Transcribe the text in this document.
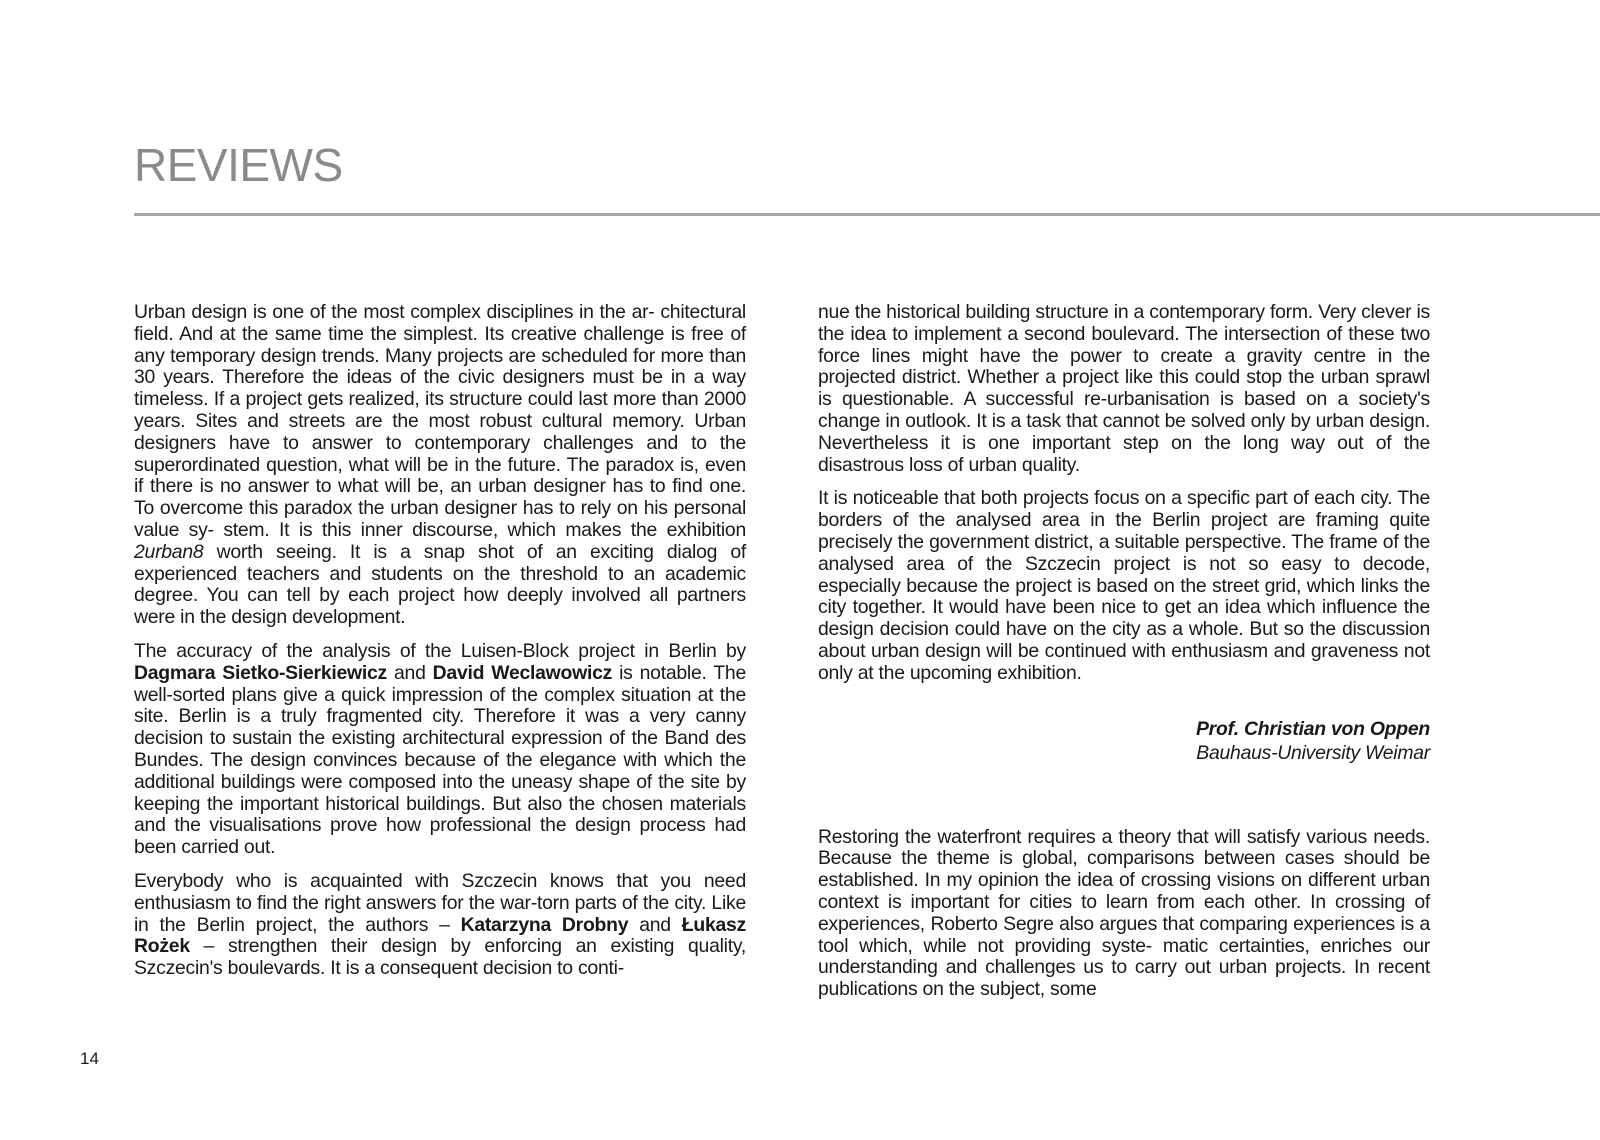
REVIEWS

Urban design is one of the most complex disciplines in the ar- chitectural field. And at the same time the simplest. Its creative challenge is free of any temporary design trends. Many projects are scheduled for more than 30 years. Therefore the ideas of the civic designers must be in a way timeless. If a project gets realized, its structure could last more than 2000 years. Sites and streets are the most robust cultural memory. Urban designers have to answer to contemporary challenges and to the superordinated question, what will be in the future. The paradox is, even if there is no answer to what will be, an urban designer has to find one. To overcome this paradox the urban designer has to rely on his personal value sy- stem. It is this inner discourse, which makes the exhibition 2urban8 worth seeing. It is a snap shot of an exciting dialog of experienced teachers and students on the threshold to an academic degree. You can tell by each project how deeply involved all partners were in the design development.

The accuracy of the analysis of the Luisen-Block project in Berlin by Dagmara Sietko-Sierkiewicz and David Weclawowicz is notable. The well-sorted plans give a quick impression of the complex situation at the site. Berlin is a truly fragmented city. Therefore it was a very canny decision to sustain the existing architectural expression of the Band des Bundes. The design convinces because of the elegance with which the additional buildings were composed into the uneasy shape of the site by keeping the important historical buildings. But also the chosen materials and the visualisations prove how professional the design process had been carried out.

Everybody who is acquainted with Szczecin knows that you need enthusiasm to find the right answers for the war-torn parts of the city. Like in the Berlin project, the authors – Katarzyna Drobny and Łukasz Rożek – strengthen their design by enforcing an existing quality, Szczecin's boulevards. It is a consequent decision to conti-

nue the historical building structure in a contemporary form. Very clever is the idea to implement a second boulevard. The intersection of these two force lines might have the power to create a gravity centre in the projected district. Whether a project like this could stop the urban sprawl is questionable. A successful re-urbanisation is based on a society's change in outlook. It is a task that cannot be solved only by urban design. Nevertheless it is one important step on the long way out of the disastrous loss of urban quality.

It is noticeable that both projects focus on a specific part of each city. The borders of the analysed area in the Berlin project are framing quite precisely the government district, a suitable perspective. The frame of the analysed area of the Szczecin project is not so easy to decode, especially because the project is based on the street grid, which links the city together. It would have been nice to get an idea which influence the design decision could have on the city as a whole. But so the discussion about urban design will be continued with enthusiasm and graveness not only at the upcoming exhibition.

Prof. Christian von Oppen
Bauhaus-University Weimar

Restoring the waterfront requires a theory that will satisfy various needs. Because the theme is global, comparisons between cases should be established. In my opinion the idea of crossing visions on different urban context is important for cities to learn from each other. In crossing of experiences, Roberto Segre also argues that comparing experiences is a tool which, while not providing syste- matic certainties, enriches our understanding and challenges us to carry out urban projects. In recent publications on the subject, some

14
